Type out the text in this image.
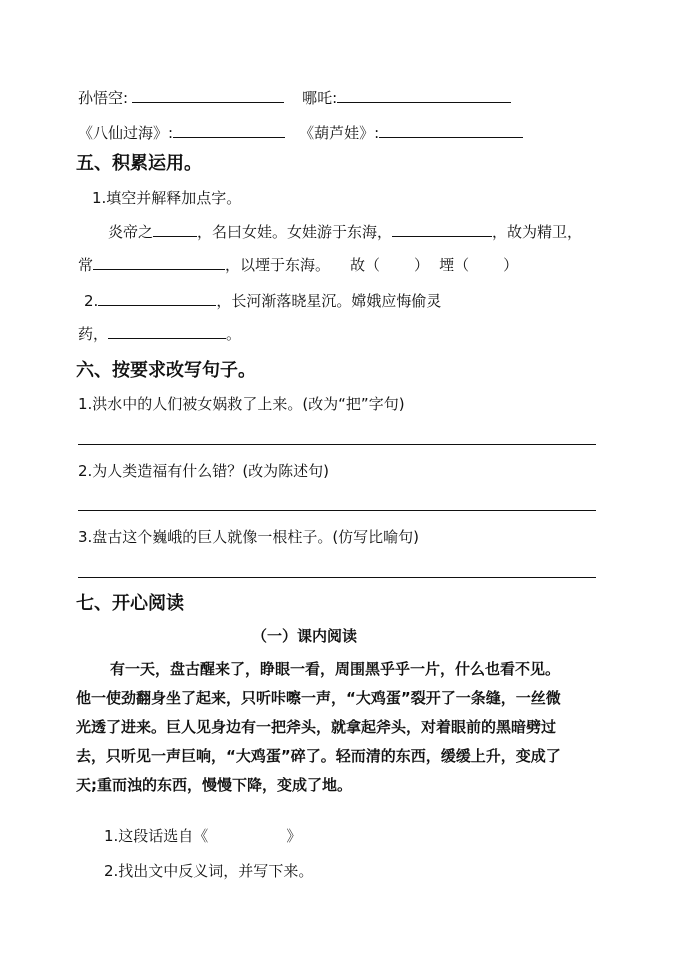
孙悟空:	哪吒:
《八仙过海》:	《葫芦娃》:
五、积累运用。
1.填空并解释加点字。
炎帝之	，名曰女娃。女娃游于东海，	，故为精卫，
常	，以堙于东海。 故（ ） 堙（ ）
2.	，长河渐落晓星沉。嫦娥应悔偷灵
药，	。
六、按要求改写句子。
1.洪水中的人们被女娲救了上来。(改为“把”字句)
2.为人类造福有什么错？(改为陈述句)
3.盘古这个巍峨的巨人就像一根柱子。(仿写比喻句)
七、开心阅读
（一）课内阅读
有一天，盘古醒来了，睁眼一看，周围黑乎乎一片，什么也看不见。
他一使劲翻身坐了起来，只听咔嚓一声，“大鸡蛋”裂开了一条缝，一丝微
光透了进来。巨人见身边有一把斧头，就拿起斧头，对着眼前的黑暗劈过
去，只听见一声巨响，“大鸡蛋”碎了。轻而清的东西，缓缓上升，变成了
天;重而浊的东西，慢慢下降，变成了地。
1.这段话选自《	》
2.找出文中反义词，并写下来。
